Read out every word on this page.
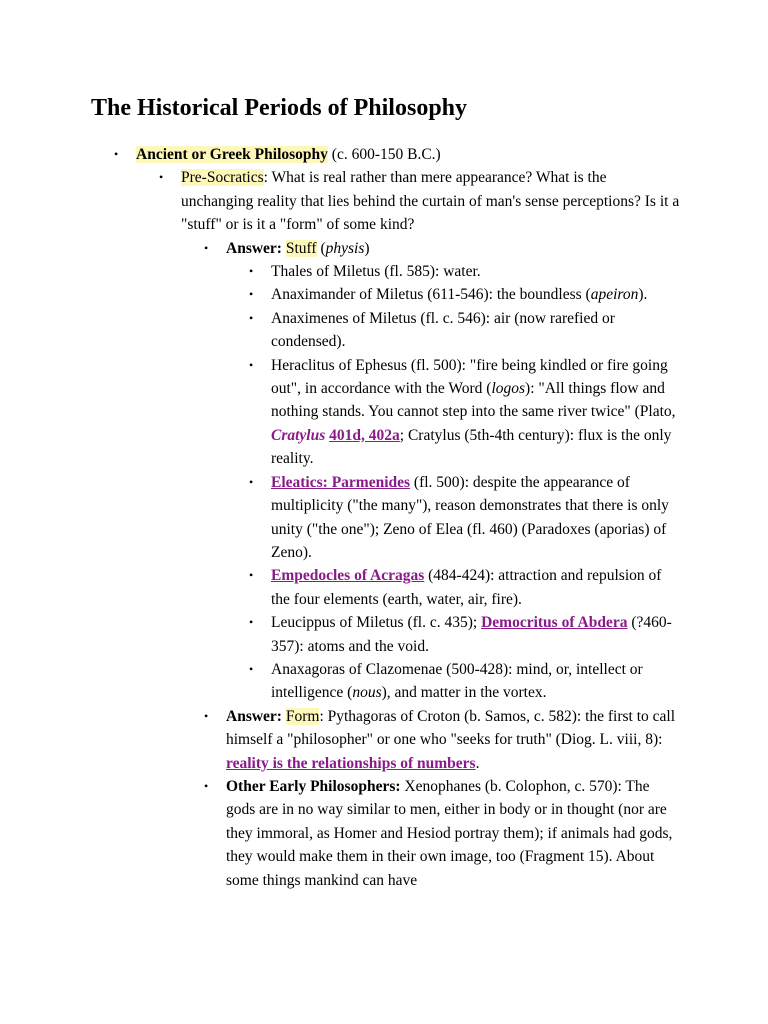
The Historical Periods of Philosophy
• Ancient or Greek Philosophy (c. 600-150 B.C.)
• Pre-Socratics: What is real rather than mere appearance? What is the unchanging reality that lies behind the curtain of man's sense perceptions? Is it a "stuff" or is it a "form" of some kind?
• Answer: Stuff (physis)
• Thales of Miletus (fl. 585): water.
• Anaximander of Miletus (611-546): the boundless (apeiron).
• Anaximenes of Miletus (fl. c. 546): air (now rarefied or condensed).
• Heraclitus of Ephesus (fl. 500): "fire being kindled or fire going out", in accordance with the Word (logos): "All things flow and nothing stands. You cannot step into the same river twice" (Plato, Cratylus 401d, 402a; Cratylus (5th-4th century): flux is the only reality.
• Eleatics: Parmenides (fl. 500): despite the appearance of multiplicity ("the many"), reason demonstrates that there is only unity ("the one"); Zeno of Elea (fl. 460) (Paradoxes (aporias) of Zeno).
• Empedocles of Acragas (484-424): attraction and repulsion of the four elements (earth, water, air, fire).
• Leucippus of Miletus (fl. c. 435); Democritus of Abdera (?460-357): atoms and the void.
• Anaxagoras of Clazomenae (500-428): mind, or, intellect or intelligence (nous), and matter in the vortex.
• Answer: Form: Pythagoras of Croton (b. Samos, c. 582): the first to call himself a "philosopher" or one who "seeks for truth" (Diog. L. viii, 8): reality is the relationships of numbers.
• Other Early Philosophers: Xenophanes (b. Colophon, c. 570): The gods are in no way similar to men, either in body or in thought (nor are they immoral, as Homer and Hesiod portray them); if animals had gods, they would make them in their own image, too (Fragment 15). About some things mankind can have
